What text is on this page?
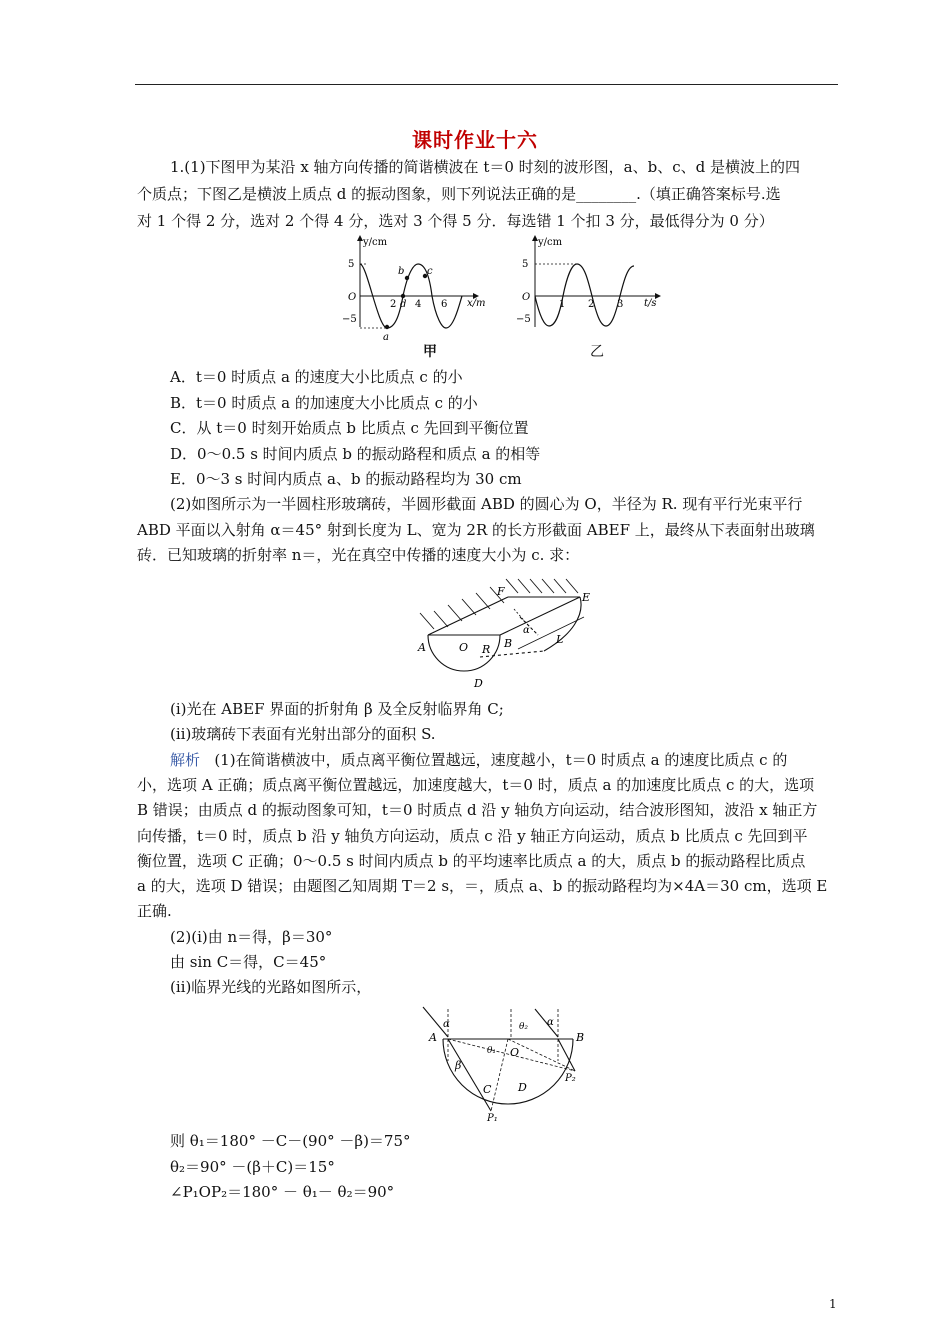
课时作业十六
1.(1)下图甲为某沿 x 轴方向传播的简谐横波在 t＝0 时刻的波形图，a、b、c、d 是横波上的四
个质点；下图乙是横波上质点 d 的振动图象，则下列说法正确的是________.（填正确答案标号.选
对 1 个得 2 分，选对 2 个得 4 分，选对 3 个得 5 分．每选错 1 个扣 3 分，最低得分为 0 分）
y/cm
5
−5
O
2 4 6 x/m
a
b c
d
y/cm
5
−5
O
1 2 3 t/s
甲	乙
A．t＝0 时质点 a 的速度大小比质点 c 的小
B．t＝0 时质点 a 的加速度大小比质点 c 的小
C．从 t＝0 时刻开始质点 b 比质点 c 先回到平衡位置
D．0～0.5 s 时间内质点 b 的振动路程和质点 a 的相等
E．0～3 s 时间内质点 a、b 的振动路程均为 30 cm
(2)如图所示为一半圆柱形玻璃砖，半圆形截面 ABD 的圆心为 O，半径为 R. 现有平行光束平行
ABD 平面以入射角 α＝45° 射到长度为 L、宽为 2R 的长方形截面 ABEF 上，最终从下表面射出玻璃
砖．已知玻璃的折射率 n＝，光在真空中传播的速度大小为 c. 求：
A	O R B
D
E
F
L
α
(ⅰ)光在 ABEF 界面的折射角 β 及全反射临界角 C;
(ⅱ)玻璃砖下表面有光射出部分的面积 S.
解析 (1)在简谐横波中，质点离平衡位置越远，速度越小，t＝0 时质点 a 的速度比质点 c 的
小，选项 A 正确；质点离平衡位置越远，加速度越大，t＝0 时，质点 a 的加速度比质点 c 的大，选项
B 错误；由质点 d 的振动图象可知，t＝0 时质点 d 沿 y 轴负方向运动，结合波形图知，波沿 x 轴正方
向传播，t＝0 时，质点 b 沿 y 轴负方向运动，质点 c 沿 y 轴正方向运动，质点 b 比质点 c 先回到平
衡位置，选项 C 正确；0～0.5 s 时间内质点 b 的平均速率比质点 a 的大，质点 b 的振动路程比质点
a 的大，选项 D 错误；由题图乙知周期 T＝2 s，＝，质点 a、b 的振动路程均为×4A＝30 cm，选项 E
正确.
(2)(ⅰ)由 n＝得，β＝30°
由 sin C＝得，C＝45°
(ⅱ)临界光线的光路如图所示，
A	B
O
C D
P₁
P₂
α	α
β
θ₁
θ₂
则 θ₁＝180° －C－(90° －β)＝75°
θ₂＝90° －(β＋C)＝15°
∠P₁OP₂＝180° － θ₁－ θ₂＝90°
1
